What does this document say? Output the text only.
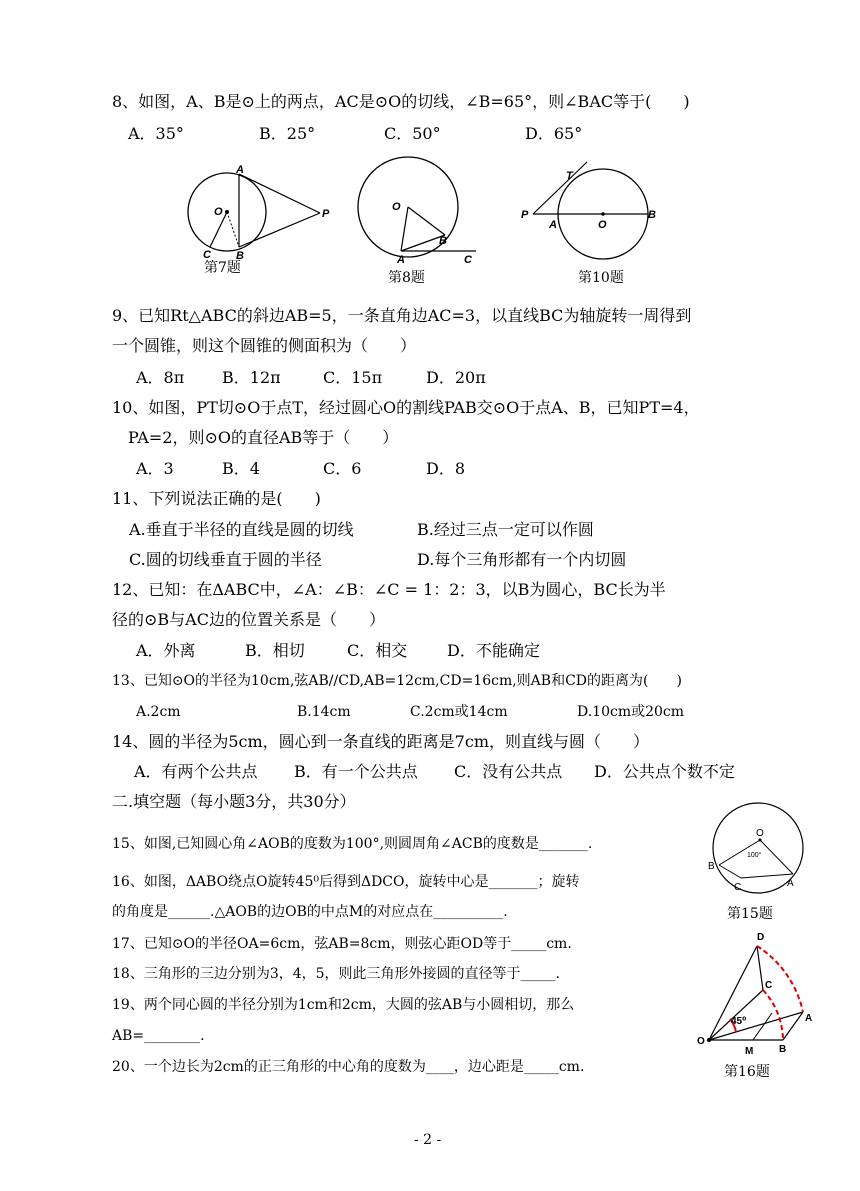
8、如图，A、B是⊙上的两点，AC是⊙O的切线，∠B=65°，则∠BAC等于(　　)
A．35°	B．25°	C．50°	D．65°
A
O	P
C B
第7题
O
B
A	C
第8题
T
P
A	O
B
第10题
9、已知Rt△ABC的斜边AB=5，一条直角边AC=3，以直线BC为轴旋转一周得到
一个圆锥，则这个圆锥的侧面积为（　　）
A．8π B．12π	C．15π	D．20π
10、如图，PT切⊙O于点T，经过圆心O的割线PAB交⊙O于点A、B，已知PT=4，
PA=2，则⊙O的直径AB等于（　　）
A．3	B．4	C．6	D．8
11、下列说法正确的是(　　)
A.垂直于半径的直线是圆的切线	B.经过三点一定可以作圆
C.圆的切线垂直于圆的半径	D.每个三角形都有一个内切圆
12、已知：在ΔABC中，∠A：∠B：∠C = 1：2：3，以B为圆心，BC长为半
径的⊙B与AC边的位置关系是（　　）
A．外离	B．相切	C．相交 D．不能确定
13、已知⊙O的半径为10cm,弦AB//CD,AB=12cm,CD=16cm,则AB和CD的距离为(　　)
A.2cm	B.14cm	C.2cm或14cm	D.10cm或20cm
14、圆的半径为5cm，圆心到一条直线的距离是7cm，则直线与圆（　　）
A．有两个公共点 B．有一个公共点 C．没有公共点 D．公共点个数不定
二.填空题（每小题3分，共30分）
15、如图,已知圆心角∠AOB的度数为100°,则圆周角∠ACB的度数是_______.
16、如图，ΔABO绕点O旋转45⁰后得到ΔDCO，旋转中心是_______；旋转
的角度是______.△AOB的边OB的中点M的对应点在__________.
17、已知⊙O的半径OA=6cm，弦AB=8cm，则弦心距OD等于_____cm.
18、三角形的三边分别为3，4，5，则此三角形外接圆的直径等于_____.
19、两个同心圆的半径分别为1cm和2cm，大圆的弦AB与小圆相切，那么
AB=________.
20、一个边长为2cm的正三角形的中心角的度数为____，边心距是_____cm.
O
100°
B
C	A
第15题
D
C
A
O
M	B
45⁰
第16题
- 2 -
